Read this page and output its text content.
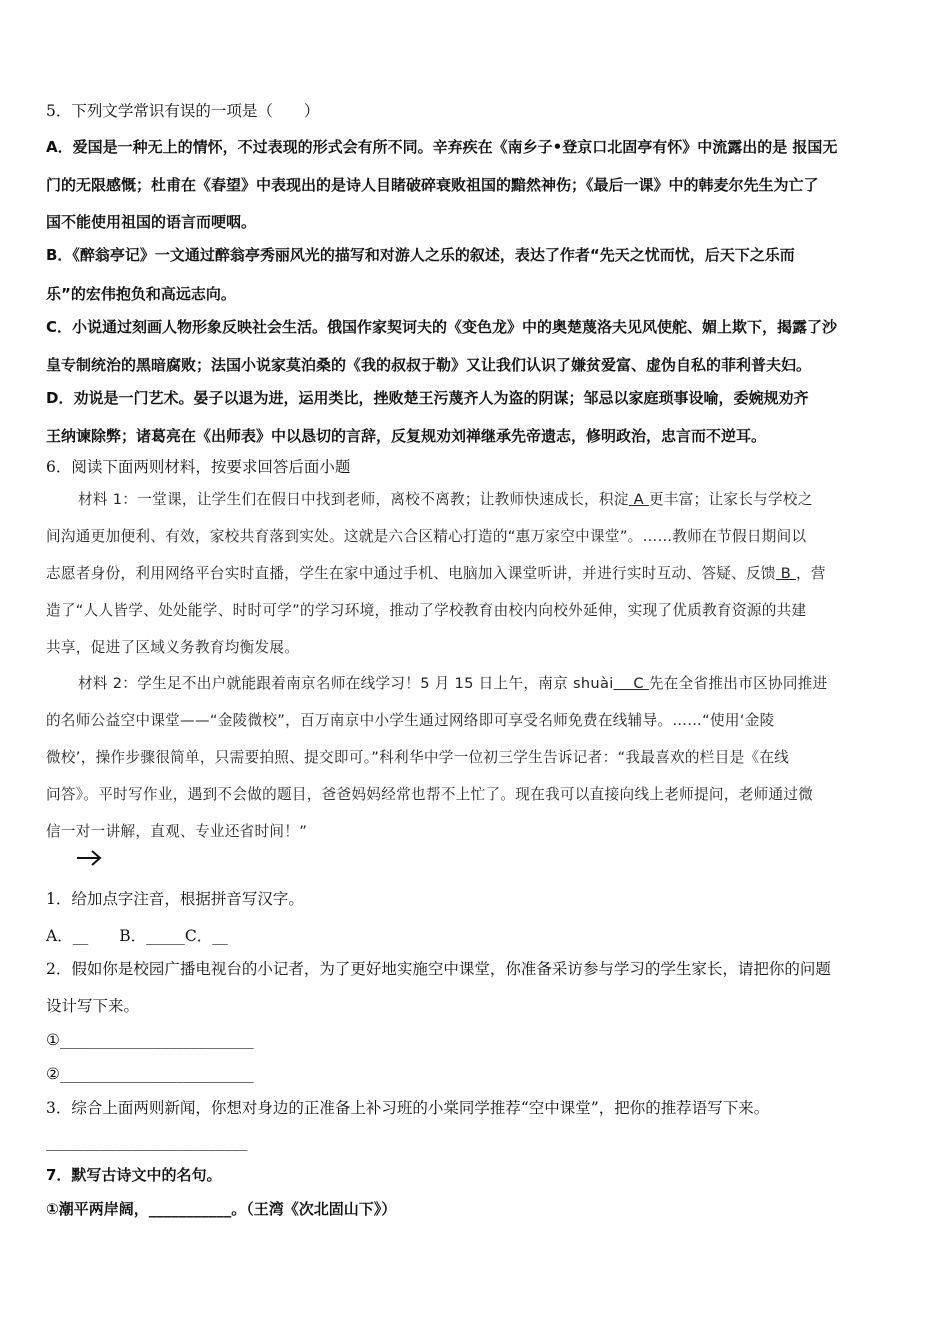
5．下列文学常识有误的一项是（　　）
A．爱国是一种无上的情怀，不过表现的形式会有所不同。辛弃疾在《南乡子•登京口北固亭有怀》中流露出的是 报国无
门的无限感慨；杜甫在《春望》中表现出的是诗人目睹破碎衰败祖国的黯然神伤；《最后一课》中的韩麦尔先生为亡了
国不能使用祖国的语言而哽咽。
B．《醉翁亭记》一文通过醉翁亭秀丽风光的描写和对游人之乐的叙述，表达了作者“先天之忧而忧，后天下之乐而
乐”的宏伟抱负和高远志向。
C．小说通过刻画人物形象反映社会生活。俄国作家契诃夫的《变色龙》中的奥楚蔑洛夫见风使舵、媚上欺下，揭露了沙
皇专制统治的黑暗腐败；法国小说家莫泊桑的《我的叔叔于勒》又让我们认识了嫌贫爱富、虚伪自私的菲利普夫妇。
D．劝说是一门艺术。晏子以退为进，运用类比，挫败楚王污蔑齐人为盗的阴谋；邹忌以家庭琐事设喻，委婉规劝齐
王纳谏除弊；诸葛亮在《出师表》中以恳切的言辞，反复规劝刘禅继承先帝遗志，修明政治，忠言而不逆耳。
6．阅读下面两则材料，按要求回答后面小题
材料 1：一堂课，让学生们在假日中找到老师，离校不离教；让教师快速成长，积淀 A 更丰富；让家长与学校之
间沟通更加便利、有效，家校共育落到实处。这就是六合区精心打造的“惠万家空中课堂”。……教师在节假日期间以
志愿者身份，利用网络平台实时直播，学生在家中通过手机、电脑加入课堂听讲，并进行实时互动、答疑、反馈 B ，营
造了“人人皆学、处处能学、时时可学”的学习环境，推动了学校教育由校内向校外延伸，实现了优质教育资源的共建
共享，促进了区域义务教育均衡发展。
材料 2：学生足不出户就能跟着南京名师在线学习！5 月 15 日上午，南京 shuài　 C 先在全省推出市区协同推进
的名师公益空中课堂——“金陵微校”，百万南京中小学生通过网络即可享受名师免费在线辅导。……“使用‘金陵
微校’，操作步骤很简单，只需要拍照、提交即可。”科利华中学一位初三学生告诉记者：“我最喜欢的栏目是《在线
问答》。平时写作业，遇到不会做的题目，爸爸妈妈经常也帮不上忙了。现在我可以直接向线上老师提问，老师通过微
信一对一讲解，直观、专业还省时间！”
1．给加点字注音，根据拼音写汉字。
A．__　　B．_____C．__
2．假如你是校园广播电视台的小记者，为了更好地实施空中课堂，你准备采访参与学习的学生家长，请把你的问题
设计写下来。
①_________________________
②_________________________
3．综合上面两则新闻，你想对身边的正准备上补习班的小棠同学推荐“空中课堂”，把你的推荐语写下来。
__________________________
7．默写古诗文中的名句。
①潮平两岸阔，___________。（王湾《次北固山下》）
